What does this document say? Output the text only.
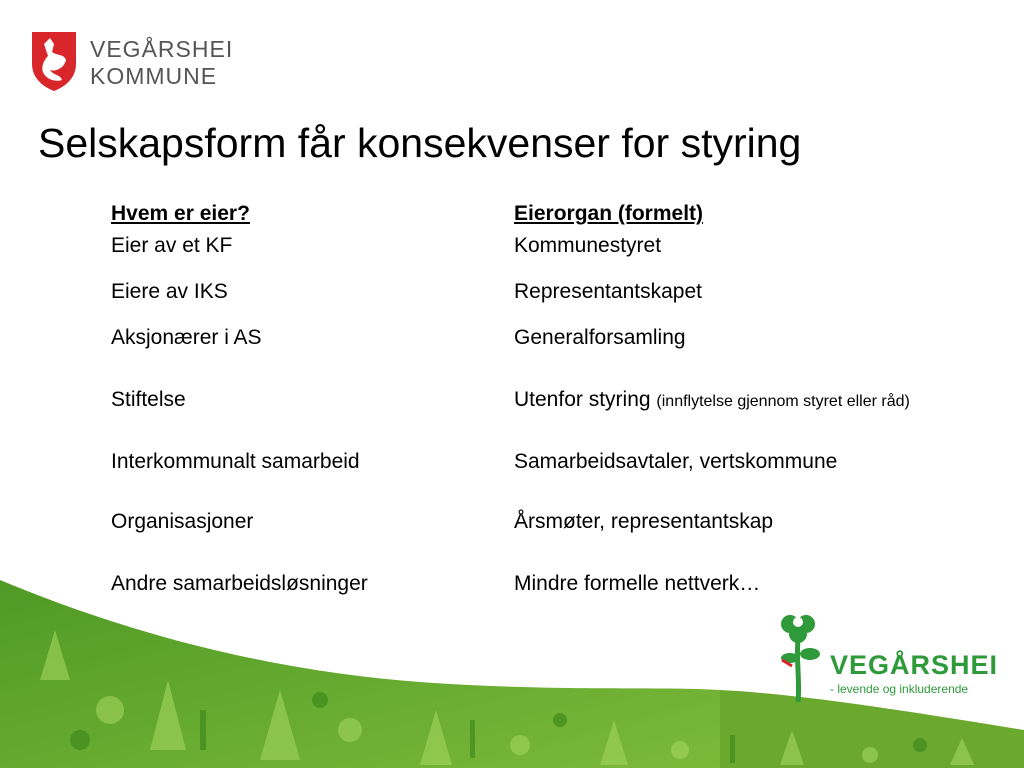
VEGÅRSHEI
KOMMUNE
Selskapsform får konsekvenser for styring
Hvem er eier?
Eier av et KF
Eiere av IKS
Aksjonærer i AS
Stiftelse
Interkommunalt samarbeid
Organisasjoner
Andre samarbeidsløsninger
Eierorgan (formelt)
Kommunestyret
Representantskapet
Generalforsamling
Utenfor styring (innflytelse gjennom styret eller råd)
Samarbeidsavtaler, vertskommune
Årsmøter, representantskap
Mindre formelle nettverk…
VEGÅRSHEI
- levende og inkluderende
